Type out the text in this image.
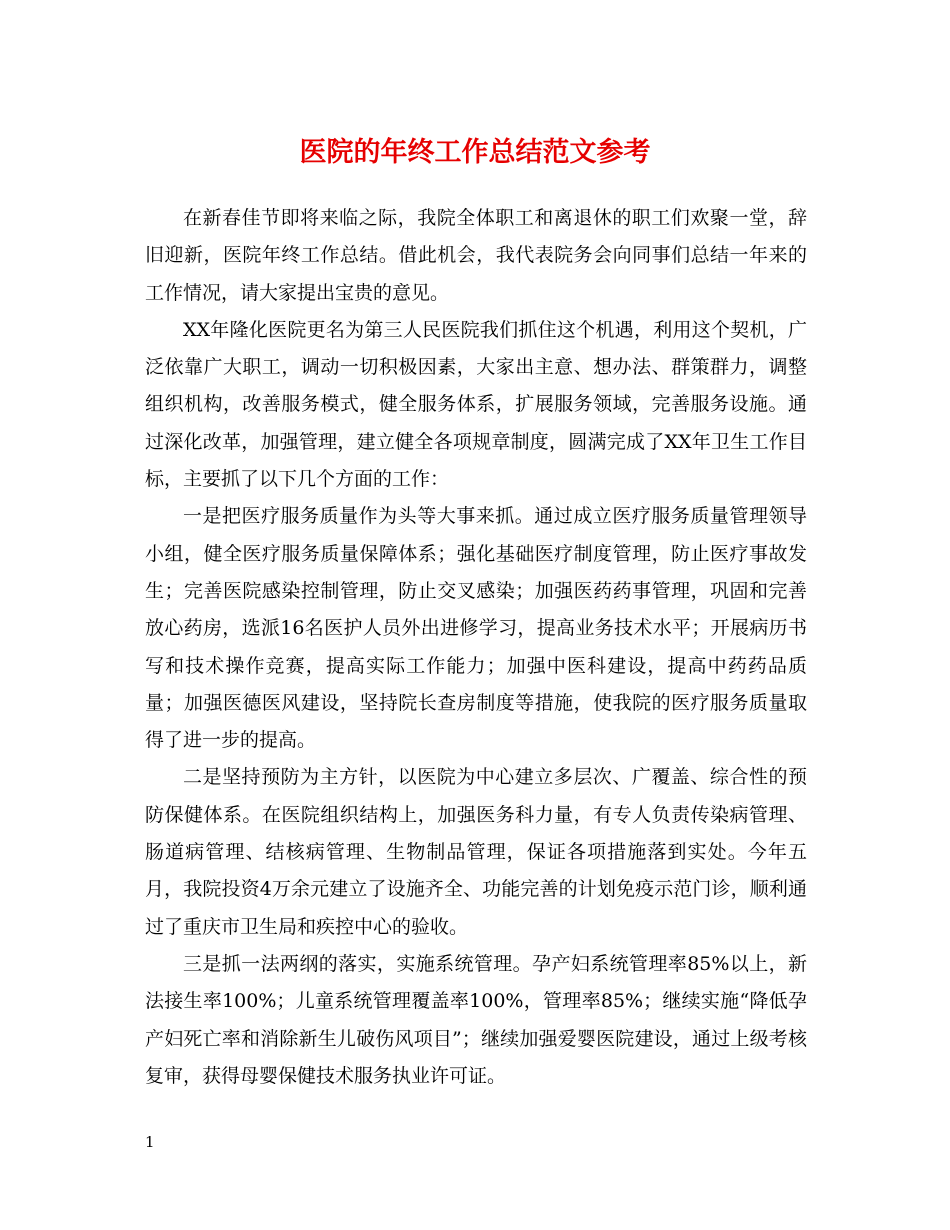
医院的年终工作总结范文参考

在新春佳节即将来临之际，我院全体职工和离退休的职工们欢聚一堂，辞旧迎新，医院年终工作总结。借此机会，我代表院务会向同事们总结一年来的工作情况，请大家提出宝贵的意见。

XX年隆化医院更名为第三人民医院我们抓住这个机遇，利用这个契机，广泛依靠广大职工，调动一切积极因素，大家出主意、想办法、群策群力，调整组织机构，改善服务模式，健全服务体系，扩展服务领域，完善服务设施。通过深化改革，加强管理，建立健全各项规章制度，圆满完成了XX年卫生工作目标，主要抓了以下几个方面的工作：

一是把医疗服务质量作为头等大事来抓。通过成立医疗服务质量管理领导小组，健全医疗服务质量保障体系；强化基础医疗制度管理，防止医疗事故发生；完善医院感染控制管理，防止交叉感染；加强医药药事管理，巩固和完善放心药房，选派16名医护人员外出进修学习，提高业务技术水平；开展病历书写和技术操作竞赛，提高实际工作能力；加强中医科建设，提高中药药品质量；加强医德医风建设，坚持院长查房制度等措施，使我院的医疗服务质量取得了进一步的提高。

二是坚持预防为主方针，以医院为中心建立多层次、广覆盖、综合性的预防保健体系。在医院组织结构上，加强医务科力量，有专人负责传染病管理、肠道病管理、结核病管理、生物制品管理，保证各项措施落到实处。今年五月，我院投资4万余元建立了设施齐全、功能完善的计划免疫示范门诊，顺利通过了重庆市卫生局和疾控中心的验收。

三是抓一法两纲的落实，实施系统管理。孕产妇系统管理率85%以上，新法接生率100%；儿童系统管理覆盖率100%，管理率85%；继续实施“降低孕产妇死亡率和消除新生儿破伤风项目”；继续加强爱婴医院建设，通过上级考核复审，获得母婴保健技术服务执业许可证。

1
